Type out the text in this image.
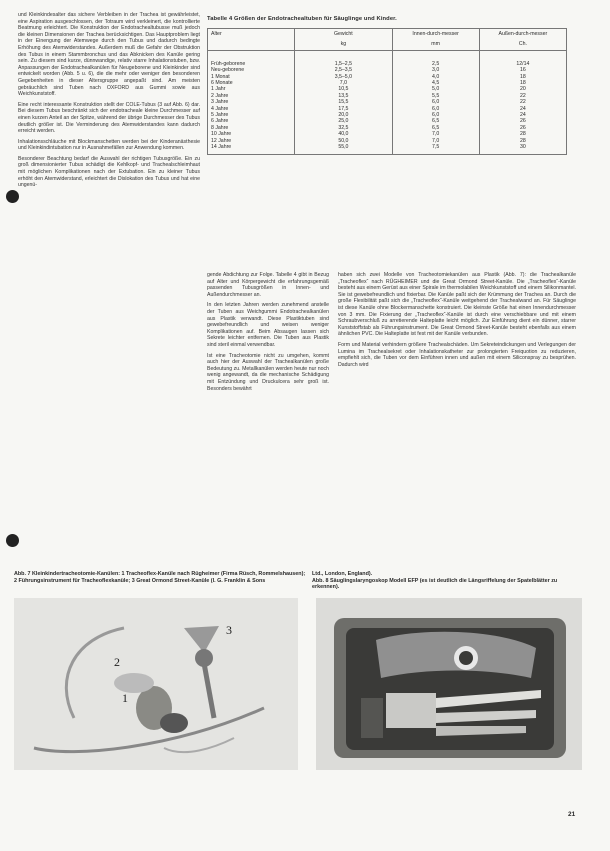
und Kleinkindesalter das sichere Verbleiben in der Trachea ist gewährleistet, eine Aspiration ausgeschlossen, der Totraum wird verkleinert, die kontrollierte Beatmung erleichtert. Die Konstruktion der Endotrachealtubusse muß jedoch die kleinen Dimensionen der Trachea berücksichtigen. Das Hauptproblem liegt in der Einengung der Atemwege durch den Tubus und dadurch bedingte Erhöhung des Atemwiderstandes. Außerdem muß die Gefahr der Obstruktion des Tubus in einem Stammbronchus und das Abknicken des Kanüle gering sein. Zu diesem sind kurze, dünnwandige, relativ starre Inhalationstuben, bzw. Anpassungen der Endotrachealkanülen für Neugeborene und Kleinkinder sind entwickelt worden (Abb. 5 u. 6), die die mehr oder weniger den besonderen Gegebenheiten in dieser Altersgruppe angepaßt sind. Am meisten gebräuchlich sind Tuben nach OXFORD aus Gummi sowie aus Weichkunststoff.

Eine recht interessante Konstruktion stellt der COLE-Tubus (3 auf Abb. 6) dar. Bei diesem Tubus beschränkt sich der endotracheale kleine Durchmesser auf einen kurzen Anteil an der Spitze, während der übrige Durchmesser des Tubus deutlich größer ist. Die Verminderung des Atemwiderstandes kann dadurch erreicht werden.

Inhalationsschläuche mit Blockmanschetten werden bei der Kinderanästhesie und Kleinkindintubation nur in Ausnahmefällen zur Anwendung kommen.

Besonderer Beachtung bedarf die Auswahl der richtigen Tubusgröße. Ein zu groß dimensionierter Tubus schädigt die Kehlkopf- und Trachealschleimhaut mit möglichen Komplikationen nach der Extubation. Ein zu kleiner Tubus erhöht den Atemwiderstand, erleichtert die Dislokation des Tubus und hat eine ungenü-

Tabelle 4 Größen der Endotrachealtuben für Säuglinge und Kinder.
Alter	Gewicht	Innen-durch-messer	Außen-durch-messer
	kg	mm	Ch.
Früh-geborene	1,5–2,5	2,5	12/14
Neu-geborene	2,5–3,5	3,0	16
1 Monat	3,5–5,0	4,0	18
6 Monate	7,0	4,5	18
1 Jahr	10,5	5,0	20
2 Jahre	13,5	5,5	22
3 Jahre	15,5	6,0	22
4 Jahre	17,5	6,0	24
5 Jahre	20,0	6,0	24
6 Jahre	25,0	6,5	26
8 Jahre	32,5	6,5	26
10 Jahre	40,0	7,0	28
12 Jahre	50,0	7,0	28
14 Jahre	55,0	7,5	30

gende Abdichtung zur Folge. Tabelle 4 gibt in Bezug auf Alter und Körpergewicht die erfahrungsgemäß passenden Tubusgrößen in Innen- und Außendurchmesser an.

In den letzten Jahren werden zunehmend anstelle der Tuben aus Weichgummi Endotrachealkanülen aus Plastik verwandt. Diese Plastiktuben sind gewebefreundlich und weisen weniger Komplikationen auf. Beim Absaugen lassen sich Sekrete leichter entfernen. Die Tuben aus Plastik sind steril einmal verwendbar.

Ist eine Tracheotomie nicht zu umgehen, kommt auch hier der Auswahl der Trachealkanülen große Bedeutung zu. Metallkanülen werden heute nur noch wenig angewandt, da die mechanische Schädigung mit Entzündung und Druckulcera sehr groß ist. Besonders bewährt

haben sich zwei Modelle von Tracheotomiekanülen aus Plastik (Abb. 7): die Trachealkanüle „Tracheoflex“ nach RÜGHEIMER und die Great Ormond Street-Kanüle. Die „Tracheoflex“-Kanüle besteht aus einem Gerüst aus einer Spirale im thermolabilen Weichkunststoff und einem Silikonmantel. Sie ist gewebefreundlich und fixierbar. Die Kanüle paßt sich der Krümmung der Trachea an. Durch die große Flexibilität paßt sich die „Tracheoflex“-Kanüle weitgehend der Trachealwand an. Für Säuglinge ist diese Kanüle ohne Blockermanschette konstruiert. Die kleinste Größe hat einen Innendurchmesser von 3 mm. Die Fixierung der „Tracheoflex“-Kanüle ist durch eine verschiebbare und mit einem Schraubverschluß zu arretierende Halteplatte leicht möglich. Zur Einführung dient ein dünner, starrer Kunststoffstab als Führungsinstrument. Die Great Ormond Street-Kanüle besteht ebenfalls aus einem ähnlichen PVC. Die Halteplatte ist fest mit der Kanüle verbunden.

Form und Material verhindern größere Trachealschäden. Um Sekreteindickungen und Verlegungen der Lumina im Trachealsekret oder Inhalationskatheter zur prolongierten Freiquotion zu reduzieren, empfiehlt sich, die Tuben vor dem Einführen innen und außen mit einem Siliconspray zu besprühen. Dadurch wird

Abb. 7 Kleinkindertracheotomie-Kanülen: 1 Tracheoflex-Kanüle nach Rügheimer (Firma Rüsch, Rommelshausen); 2 Führungsinstrument für Tracheoflexkanüle; 3 Great Ormond Street-Kanüle (I. G. Franklin & Sons
Ltd., London, England).
Abb. 8 Säuglingslaryngoskop Modell EFP (es ist deutlich die Längsriffelung der Spatelblätter zu erkennen).
3
2
1
21
